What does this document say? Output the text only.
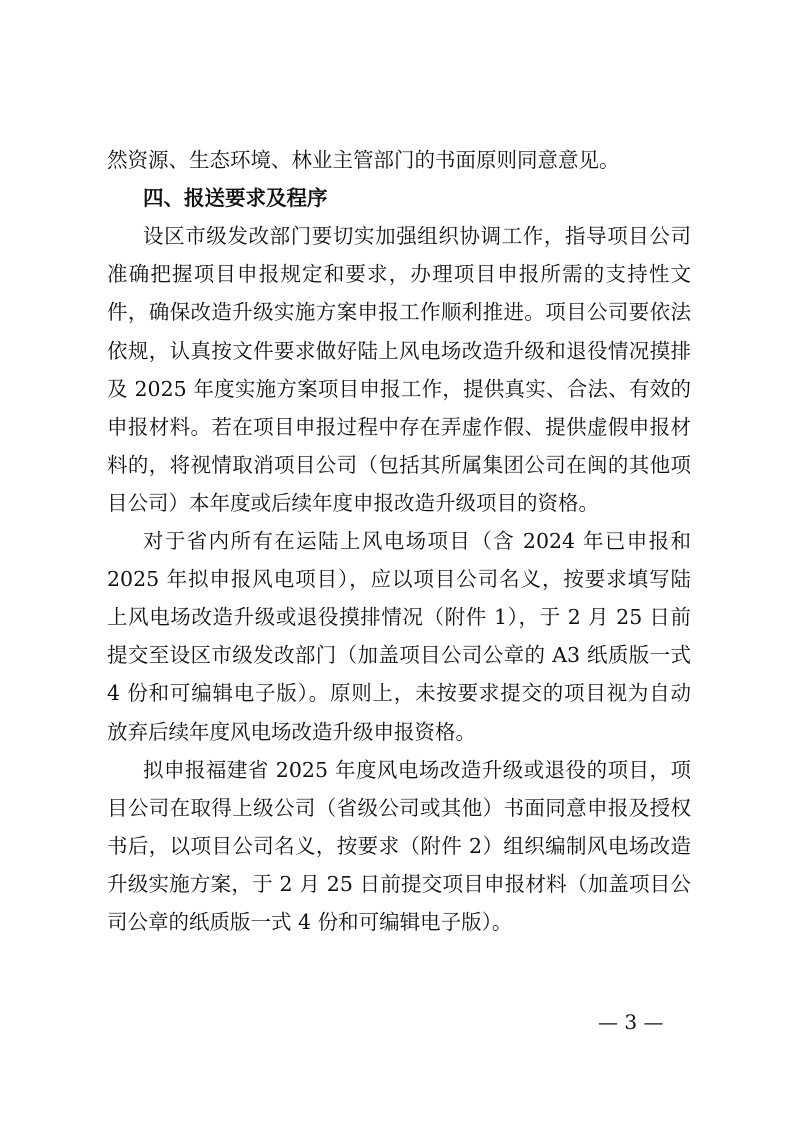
然资源、生态环境、林业主管部门的书面原则同意意见。
四、报送要求及程序
设区市级发改部门要切实加强组织协调工作，指导项目公司
准确把握项目申报规定和要求，办理项目申报所需的支持性文
件，确保改造升级实施方案申报工作顺利推进。项目公司要依法
依规，认真按文件要求做好陆上风电场改造升级和退役情况摸排
及 2025 年度实施方案项目申报工作，提供真实、合法、有效的
申报材料。若在项目申报过程中存在弄虚作假、提供虚假申报材
料的，将视情取消项目公司（包括其所属集团公司在闽的其他项
目公司）本年度或后续年度申报改造升级项目的资格。
对于省内所有在运陆上风电场项目（含 2024 年已申报和
2025 年拟申报风电项目），应以项目公司名义，按要求填写陆
上风电场改造升级或退役摸排情况（附件 1），于 2 月 25 日前
提交至设区市级发改部门（加盖项目公司公章的 A3 纸质版一式
4 份和可编辑电子版）。原则上，未按要求提交的项目视为自动
放弃后续年度风电场改造升级申报资格。
拟申报福建省 2025 年度风电场改造升级或退役的项目，项
目公司在取得上级公司（省级公司或其他）书面同意申报及授权
书后，以项目公司名义，按要求（附件 2）组织编制风电场改造
升级实施方案，于 2 月 25 日前提交项目申报材料（加盖项目公
司公章的纸质版一式 4 份和可编辑电子版）。
— 3 —
